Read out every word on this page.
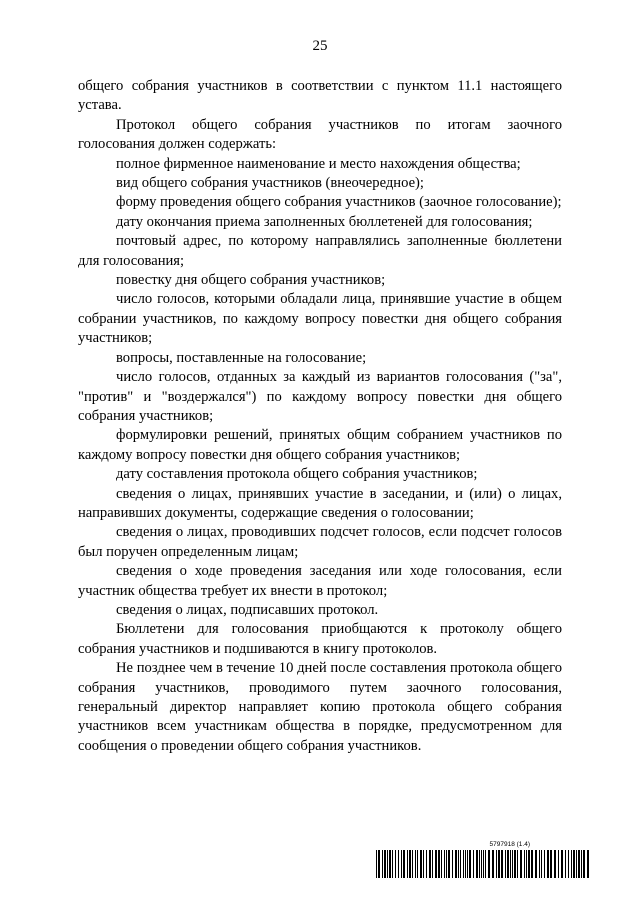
25

общего собрания участников в соответствии с пунктом 11.1 настоящего устава.

Протокол общего собрания участников по итогам заочного голосования должен содержать:

полное фирменное наименование и место нахождения общества;

вид общего собрания участников (внеочередное);

форму проведения общего собрания участников (заочное голосование);

дату окончания приема заполненных бюллетеней для голосования;

почтовый адрес, по которому направлялись заполненные бюллетени для голосования;

повестку дня общего собрания участников;

число голосов, которыми обладали лица, принявшие участие в общем собрании участников, по каждому вопросу повестки дня общего собрания участников;

вопросы, поставленные на голосование;

число голосов, отданных за каждый из вариантов голосования ("за", "против" и "воздержался") по каждому вопросу повестки дня общего собрания участников;

формулировки решений, принятых общим собранием участников по каждому вопросу повестки дня общего собрания участников;

дату составления протокола общего собрания участников;

сведения о лицах, принявших участие в заседании, и (или) о лицах, направивших документы, содержащие сведения о голосовании;

сведения о лицах, проводивших подсчет голосов, если подсчет голосов был поручен определенным лицам;

сведения о ходе проведения заседания или ходе голосования, если участник общества требует их внести в протокол;

сведения о лицах, подписавших протокол.

Бюллетени для голосования приобщаются к протоколу общего собрания участников и подшиваются в книгу протоколов.

Не позднее чем в течение 10 дней после составления протокола общего собрания участников, проводимого путем заочного голосования, генеральный директор направляет копию протокола общего собрания участников всем участникам общества в порядке, предусмотренном для сообщения о проведении общего собрания участников.

5797918 (1.4)
